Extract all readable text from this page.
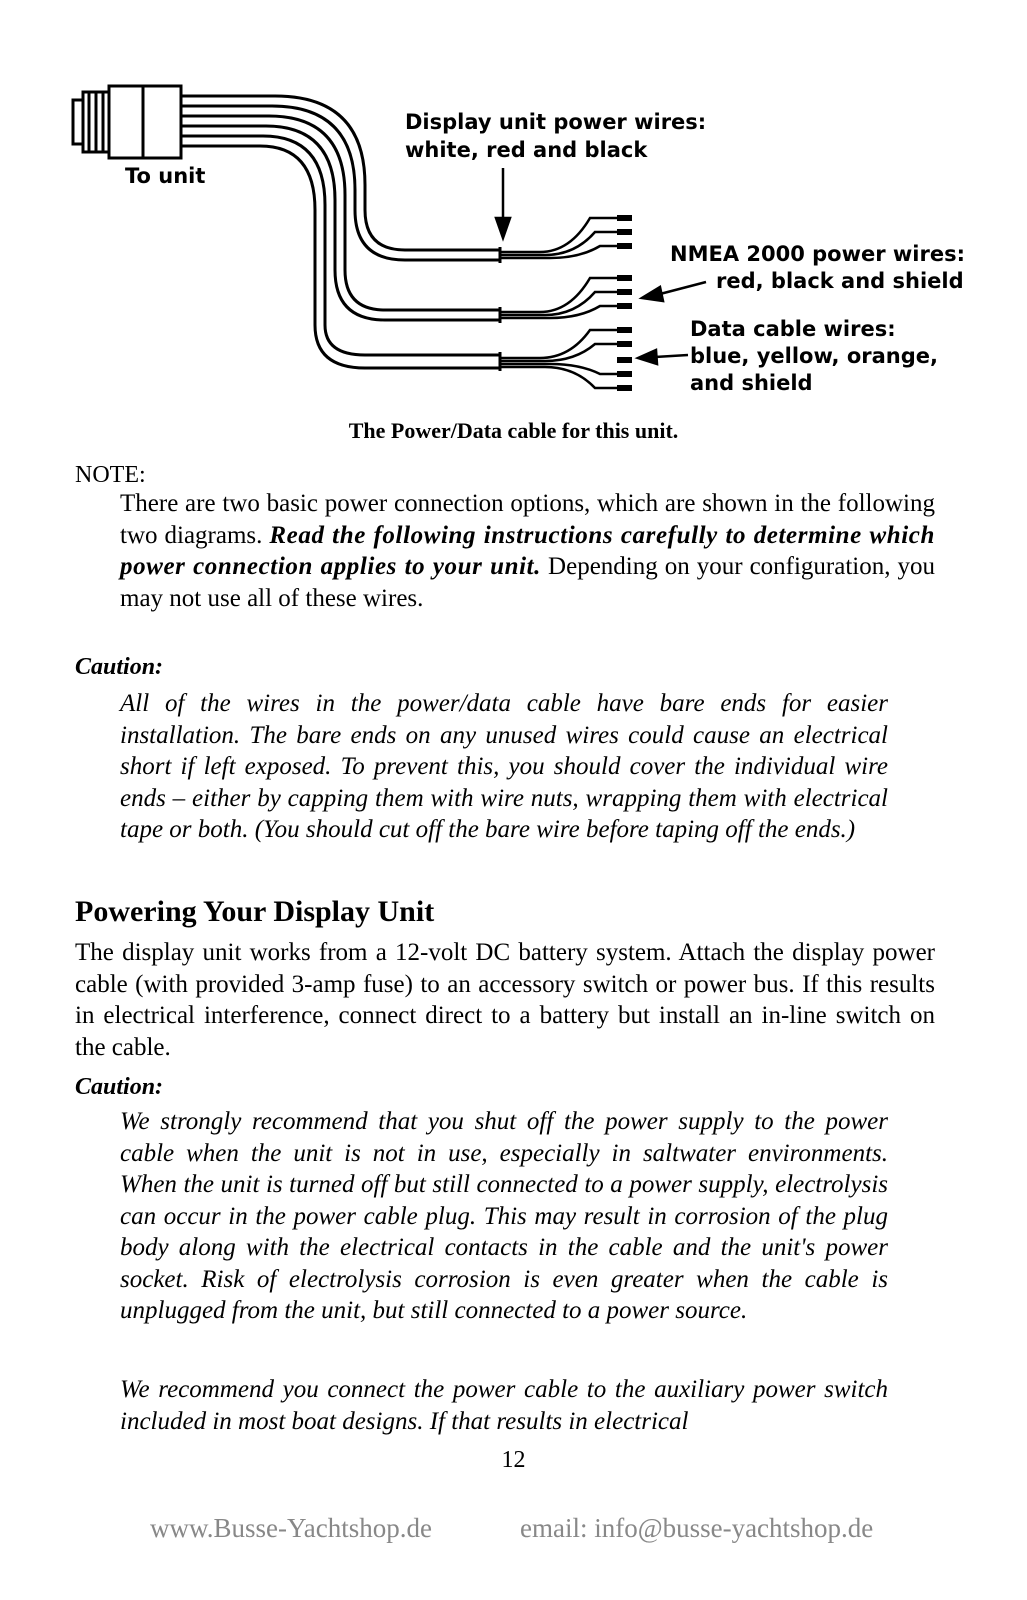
To unit
Display unit power wires:
white, red and black
NMEA 2000 power wires:
red, black and shield
Data cable wires:
blue, yellow, orange,
and shield
The Power/Data cable for this unit.
NOTE:
There are two basic power connection options, which are shown in the following two diagrams. Read the following instructions carefully to determine which power connection applies to your unit. Depending on your configuration, you may not use all of these wires.
Caution:
All of the wires in the power/data cable have bare ends for easier installation. The bare ends on any unused wires could cause an electrical short if left exposed. To prevent this, you should cover the individual wire ends – either by capping them with wire nuts, wrapping them with electrical tape or both. (You should cut off the bare wire before taping off the ends.)
Powering Your Display Unit
The display unit works from a 12-volt DC battery system. Attach the display power cable (with provided 3-amp fuse) to an accessory switch or power bus. If this results in electrical interference, connect direct to a battery but install an in-line switch on the cable.
Caution:
We strongly recommend that you shut off the power supply to the power cable when the unit is not in use, especially in saltwater environments. When the unit is turned off but still connected to a power supply, electrolysis can occur in the power cable plug. This may result in corrosion of the plug body along with the electrical contacts in the cable and the unit's power socket. Risk of electrolysis corrosion is even greater when the cable is unplugged from the unit, but still connected to a power source.
We recommend you connect the power cable to the auxiliary power switch included in most boat designs. If that results in electrical
12
www.Busse-Yachtshop.de	email: info@busse-yachtshop.de
